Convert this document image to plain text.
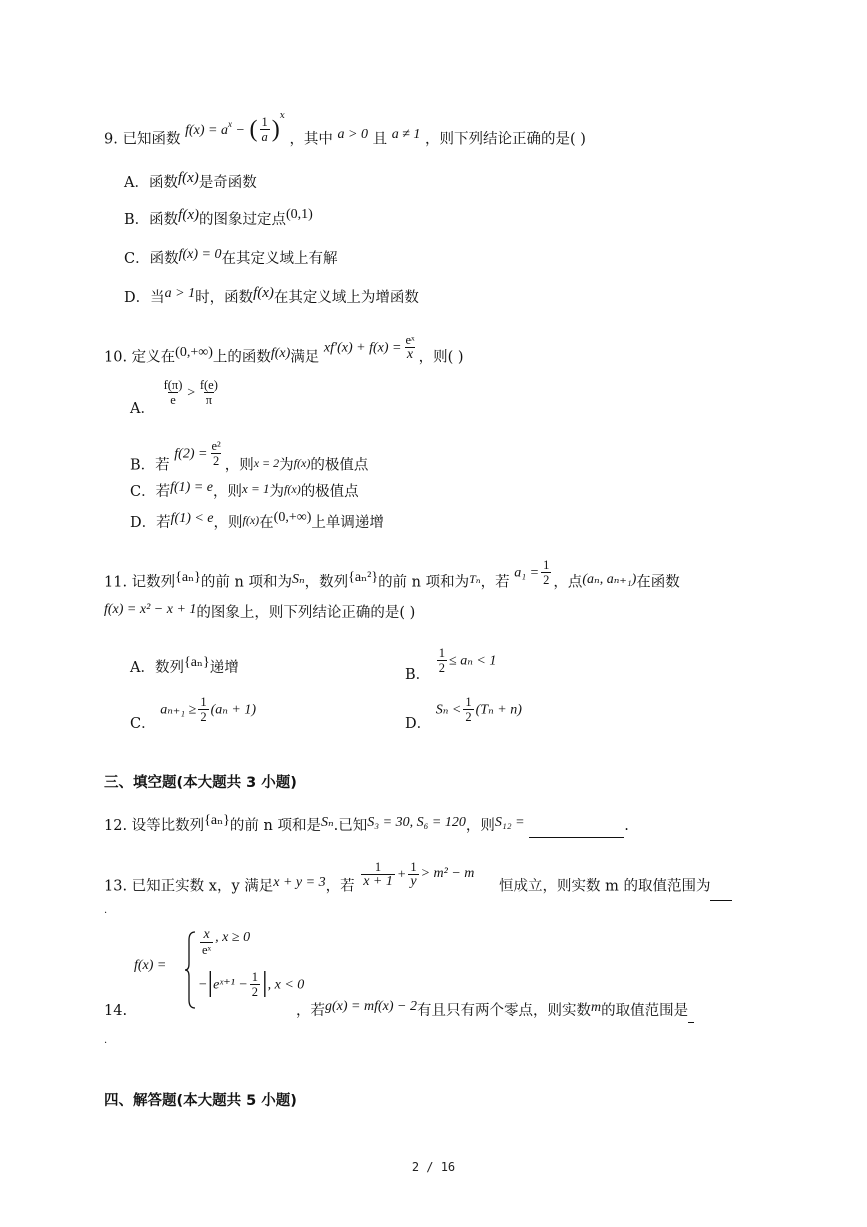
9. 已知函数 $f(x) = a^x$ − ( $\frac{1}{a} )^x$ ，其中 a > 0 且 a ≠ 1 ，则下列结论正确的是( )
A．函数f(x)是奇函数
B．函数f(x)的图象过定点(0,1)
C．函数f(x) = 0在其定义域上有解
D．当a > 1时，函数f(x)在其定义域上为增函数
10. 定义在(0,+∞)上的函数f(x)满足 $xf'(x) + f(x) = \frac{\text{eˣ}}{x}$ ，则( )
A．
$\frac{f(\pi)}{e} > \frac{f(e)}{\pi}$
B．若 $f(2) = \frac{\text{e²}}{2}$ ，则$^{x = 2}$为$^{f(x)}$的极值点
C．若f(1) = e，则x = 1为$^{f(x)}$的极值点
D．若f(1) < e，则$^{f(x)}$在(0,+∞)上单调递增
11. 记数列{aₙ}的前 n 项和为Sₙ，数列{aₙ²}的前 n 项和为$^{T_n}$，若 $a_1 = \frac{1}{2}$ ，点(aₙ, aₙ₊₁)在函数
f(x) = x² − x + 1的图象上，则下列结论正确的是( )
A．数列{aₙ}递增	B． $\frac{1}{2} \le a_n < 1$
C． $a_{n+1} \ge \frac{1}{2} (a_n + 1)$
D． $S_n < \frac{1}{2} (T_n + n)$
三、填空题(本大题共 3 小题)
12. 设等比数列{aₙ}的前 n 项和是Sₙ.已知S₃ = 30, S₆ = 120，则S₁₂ =	.
13. 已知正实数 x，y 满足x + y = 3，若 $\frac{1}{x + 1} + \frac{1}{y} > m^2 - m$ 恒成立，则实数 m 的取值范围为
.
14.
f(x) =
$\frac{x}{\text{eˣ}}$ , x ≥ 0
−|eˣ⁺¹ − $\frac{1}{2}$ |, x < 0
，若g(x) = mf(x) − 2有且只有两个零点，则实数m的取值范围是
.
四、解答题(本大题共 5 小题)
2 / 16
